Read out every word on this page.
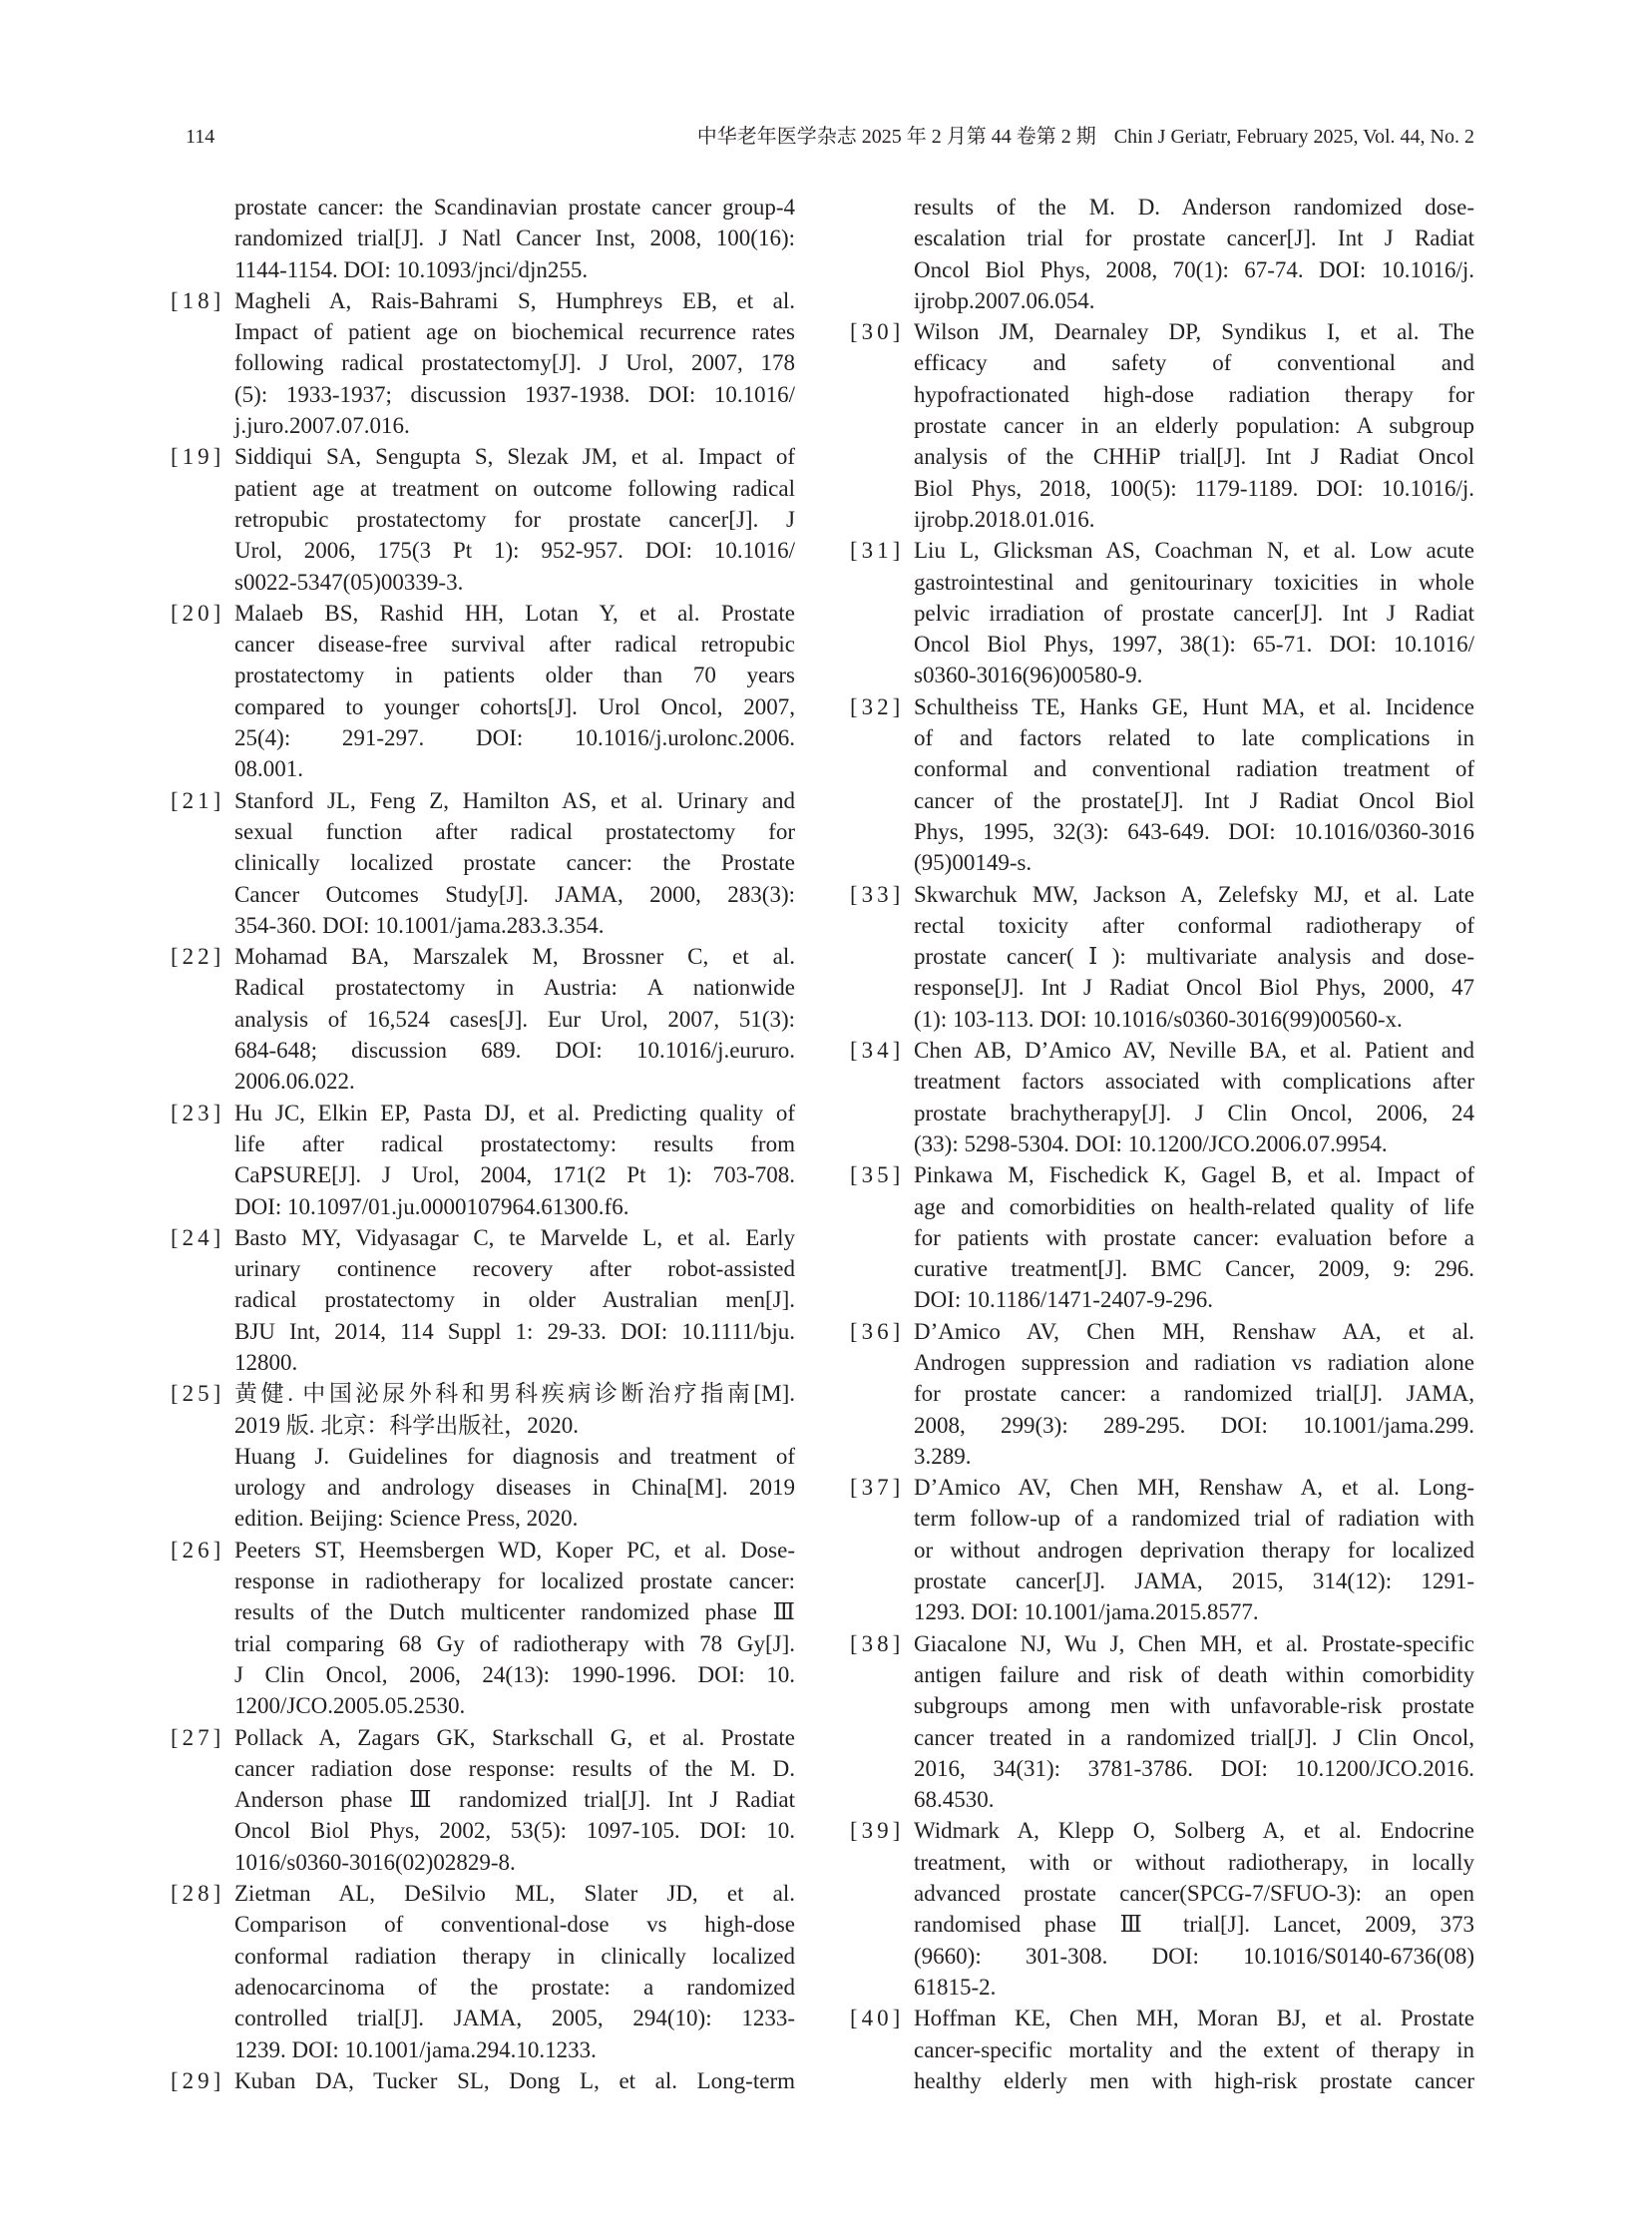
114	中华老年医学杂志 2025 年 2 月第 44 卷第 2 期 Chin J Geriatr, February 2025, Vol. 44, No. 2
prostate cancer: the Scandinavian prostate cancer group-4
randomized trial[J]. J Natl Cancer Inst, 2008, 100(16):
1144-1154. DOI: 10.1093/jnci/djn255.
[18] Magheli A, Rais-Bahrami S, Humphreys EB, et al.
Impact of patient age on biochemical recurrence rates
following radical prostatectomy[J]. J Urol, 2007, 178
(5): 1933-1937; discussion 1937-1938. DOI: 10.1016/
j.juro.2007.07.016.
[19] Siddiqui SA, Sengupta S, Slezak JM, et al. Impact of
patient age at treatment on outcome following radical
retropubic prostatectomy for prostate cancer[J]. J
Urol, 2006, 175(3 Pt 1): 952-957. DOI: 10.1016/
s0022-5347(05)00339-3.
[20] Malaeb BS, Rashid HH, Lotan Y, et al. Prostate
cancer disease-free survival after radical retropubic
prostatectomy in patients older than 70 years
compared to younger cohorts[J]. Urol Oncol, 2007,
25(4): 291-297. DOI: 10.1016/j.urolonc.2006.
08.001.
[21] Stanford JL, Feng Z, Hamilton AS, et al. Urinary and
sexual function after radical prostatectomy for
clinically localized prostate cancer: the Prostate
Cancer Outcomes Study[J]. JAMA, 2000, 283(3):
354-360. DOI: 10.1001/jama.283.3.354.
[22] Mohamad BA, Marszalek M, Brossner C, et al.
Radical prostatectomy in Austria: A nationwide
analysis of 16,524 cases[J]. Eur Urol, 2007, 51(3):
684-648; discussion 689. DOI: 10.1016/j.eururo.
2006.06.022.
[23] Hu JC, Elkin EP, Pasta DJ, et al. Predicting quality of
life after radical prostatectomy: results from
CaPSURE[J]. J Urol, 2004, 171(2 Pt 1): 703-708.
DOI: 10.1097/01.ju.0000107964.61300.f6.
[24] Basto MY, Vidyasagar C, te Marvelde L, et al. Early
urinary continence recovery after robot-assisted
radical prostatectomy in older Australian men[J].
BJU Int, 2014, 114 Suppl 1: 29-33. DOI: 10.1111/bju.
12800.
[25] 黄健. 中国泌尿外科和男科疾病诊断治疗指南[M].
2019 版. 北京：科学出版社，2020.
Huang J. Guidelines for diagnosis and treatment of
urology and andrology diseases in China[M]. 2019
edition. Beijing: Science Press, 2020.
[26] Peeters ST, Heemsbergen WD, Koper PC, et al. Dose-
response in radiotherapy for localized prostate cancer:
results of the Dutch multicenter randomized phase Ⅲ
trial comparing 68 Gy of radiotherapy with 78 Gy[J].
J Clin Oncol, 2006, 24(13): 1990-1996. DOI: 10.
1200/JCO.2005.05.2530.
[27] Pollack A, Zagars GK, Starkschall G, et al. Prostate
cancer radiation dose response: results of the M. D.
Anderson phase Ⅲ randomized trial[J]. Int J Radiat
Oncol Biol Phys, 2002, 53(5): 1097-105. DOI: 10.
1016/s0360-3016(02)02829-8.
[28] Zietman AL, DeSilvio ML, Slater JD, et al.
Comparison of conventional-dose vs high-dose
conformal radiation therapy in clinically localized
adenocarcinoma of the prostate: a randomized
controlled trial[J]. JAMA, 2005, 294(10): 1233-
1239. DOI: 10.1001/jama.294.10.1233.
[29] Kuban DA, Tucker SL, Dong L, et al. Long-term
results of the M. D. Anderson randomized dose-
escalation trial for prostate cancer[J]. Int J Radiat
Oncol Biol Phys, 2008, 70(1): 67-74. DOI: 10.1016/j.
ijrobp.2007.06.054.
[30] Wilson JM, Dearnaley DP, Syndikus I, et al. The
efficacy and safety of conventional and
hypofractionated high-dose radiation therapy for
prostate cancer in an elderly population: A subgroup
analysis of the CHHiP trial[J]. Int J Radiat Oncol
Biol Phys, 2018, 100(5): 1179-1189. DOI: 10.1016/j.
ijrobp.2018.01.016.
[31] Liu L, Glicksman AS, Coachman N, et al. Low acute
gastrointestinal and genitourinary toxicities in whole
pelvic irradiation of prostate cancer[J]. Int J Radiat
Oncol Biol Phys, 1997, 38(1): 65-71. DOI: 10.1016/
s0360-3016(96)00580-9.
[32] Schultheiss TE, Hanks GE, Hunt MA, et al. Incidence
of and factors related to late complications in
conformal and conventional radiation treatment of
cancer of the prostate[J]. Int J Radiat Oncol Biol
Phys, 1995, 32(3): 643-649. DOI: 10.1016/0360-3016
(95)00149-s.
[33] Skwarchuk MW, Jackson A, Zelefsky MJ, et al. Late
rectal toxicity after conformal radiotherapy of
prostate cancer(Ⅰ): multivariate analysis and dose-
response[J]. Int J Radiat Oncol Biol Phys, 2000, 47
(1): 103-113. DOI: 10.1016/s0360-3016(99)00560-x.
[34] Chen AB, D’Amico AV, Neville BA, et al. Patient and
treatment factors associated with complications after
prostate brachytherapy[J]. J Clin Oncol, 2006, 24
(33): 5298-5304. DOI: 10.1200/JCO.2006.07.9954.
[35] Pinkawa M, Fischedick K, Gagel B, et al. Impact of
age and comorbidities on health-related quality of life
for patients with prostate cancer: evaluation before a
curative treatment[J]. BMC Cancer, 2009, 9: 296.
DOI: 10.1186/1471-2407-9-296.
[36] D’Amico AV, Chen MH, Renshaw AA, et al.
Androgen suppression and radiation vs radiation alone
for prostate cancer: a randomized trial[J]. JAMA,
2008, 299(3): 289-295. DOI: 10.1001/jama.299.
3.289.
[37] D’Amico AV, Chen MH, Renshaw A, et al. Long-
term follow-up of a randomized trial of radiation with
or without androgen deprivation therapy for localized
prostate cancer[J]. JAMA, 2015, 314(12): 1291-
1293. DOI: 10.1001/jama.2015.8577.
[38] Giacalone NJ, Wu J, Chen MH, et al. Prostate-specific
antigen failure and risk of death within comorbidity
subgroups among men with unfavorable-risk prostate
cancer treated in a randomized trial[J]. J Clin Oncol,
2016, 34(31): 3781-3786. DOI: 10.1200/JCO.2016.
68.4530.
[39] Widmark A, Klepp O, Solberg A, et al. Endocrine
treatment, with or without radiotherapy, in locally
advanced prostate cancer(SPCG-7/SFUO-3): an open
randomised phase Ⅲ trial[J]. Lancet, 2009, 373
(9660): 301-308. DOI: 10.1016/S0140-6736(08)
61815-2.
[40] Hoffman KE, Chen MH, Moran BJ, et al. Prostate
cancer-specific mortality and the extent of therapy in
healthy elderly men with high-risk prostate cancer
